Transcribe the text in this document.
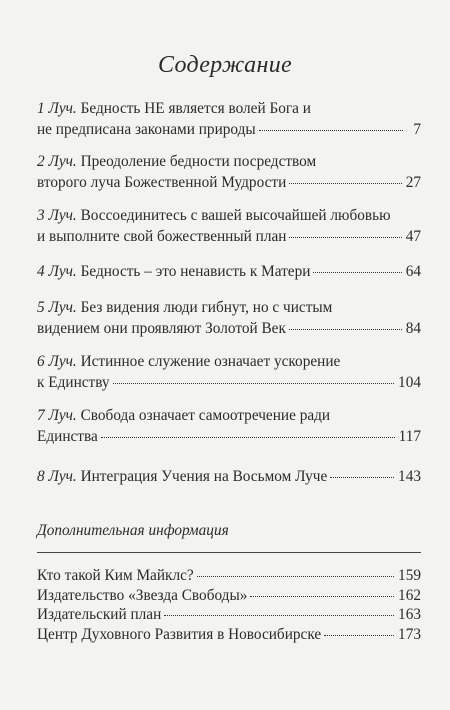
Содержание
1 Луч. Бедность НЕ является волей Бога и
не предписана законами природы	7
2 Луч. Преодоление бедности посредством
второго луча Божественной Мудрости	27
3 Луч. Воссоединитесь с вашей высочайшей любовью
и выполните свой божественный план	47
4 Луч. Бедность – это ненависть к Матери	64
5 Луч. Без видения люди гибнут, но с чистым
видением они проявляют Золотой Век	84
6 Луч. Истинное служение означает ускорение
к Единству	104
7 Луч. Свобода означает самоотречение ради
Единства	117
8 Луч. Интеграция Учения на Восьмом Луче	143
Дополнительная информация
Кто такой Ким Майклс?	159
Издательство «Звезда Свободы»	162
Издательский план	163
Центр Духовного Развития в Новосибирске	173
